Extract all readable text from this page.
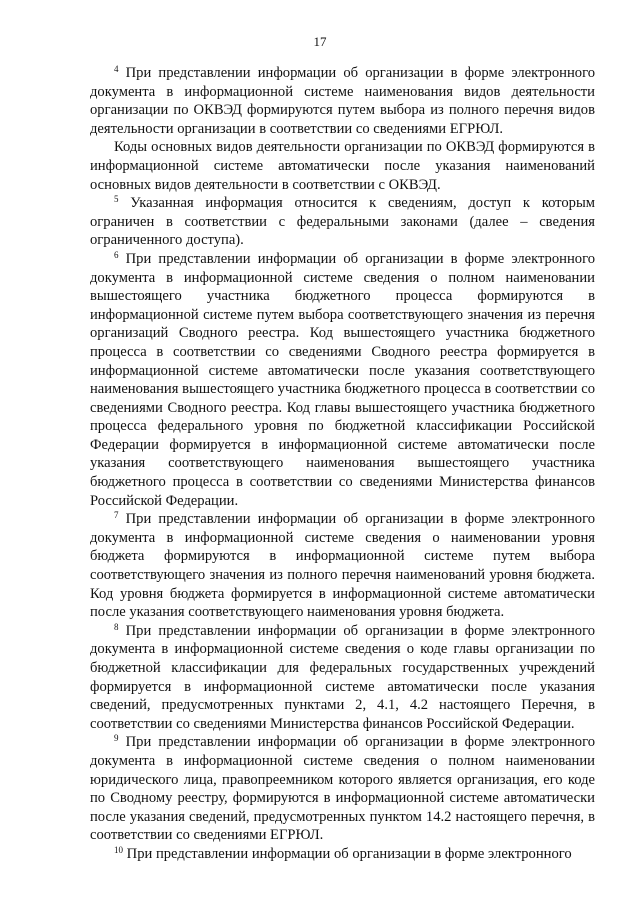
17

$^4$ При представлении информации об организации в форме электронного документа в информационной системе наименования видов деятельности организации по ОКВЭД формируются путем выбора из полного перечня видов деятельности организации в соответствии со сведениями ЕГРЮЛ.

Коды основных видов деятельности организации по ОКВЭД формируются в информационной системе автоматически после указания наименований основных видов деятельности в соответствии с ОКВЭД.

$^5$ Указанная информация относится к сведениям, доступ к которым ограничен в соответствии с федеральными законами (далее – сведения ограниченного доступа).

$^6$ При представлении информации об организации в форме электронного документа в информационной системе сведения о полном наименовании вышестоящего участника бюджетного процесса формируются в информационной системе путем выбора соответствующего значения из перечня организаций Сводного реестра. Код вышестоящего участника бюджетного процесса в соответствии со сведениями Сводного реестра формируется в информационной системе автоматически после указания соответствующего наименования вышестоящего участника бюджетного процесса в соответствии со сведениями Сводного реестра. Код главы вышестоящего участника бюджетного процесса федерального уровня по бюджетной классификации Российской Федерации формируется в информационной системе автоматически после указания соответствующего наименования вышестоящего участника бюджетного процесса в соответствии со сведениями Министерства финансов Российской Федерации.

$^7$ При представлении информации об организации в форме электронного документа в информационной системе сведения о наименовании уровня бюджета формируются в информационной системе путем выбора соответствующего значения из полного перечня наименований уровня бюджета. Код уровня бюджета формируется в информационной системе автоматически после указания соответствующего наименования уровня бюджета.

$^8$ При представлении информации об организации в форме электронного документа в информационной системе сведения о коде главы организации по бюджетной классификации для федеральных государственных учреждений формируется в информационной системе автоматически после указания сведений, предусмотренных пунктами 2, 4.1, 4.2 настоящего Перечня, в соответствии со сведениями Министерства финансов Российской Федерации.

$^9$ При представлении информации об организации в форме электронного документа в информационной системе сведения о полном наименовании юридического лица, правопреемником которого является организация, его коде по Сводному реестру, формируются в информационной системе автоматически после указания сведений, предусмотренных пунктом 14.2 настоящего перечня, в соответствии со сведениями ЕГРЮЛ.

$^{10}$ При представлении информации об организации в форме электронного
